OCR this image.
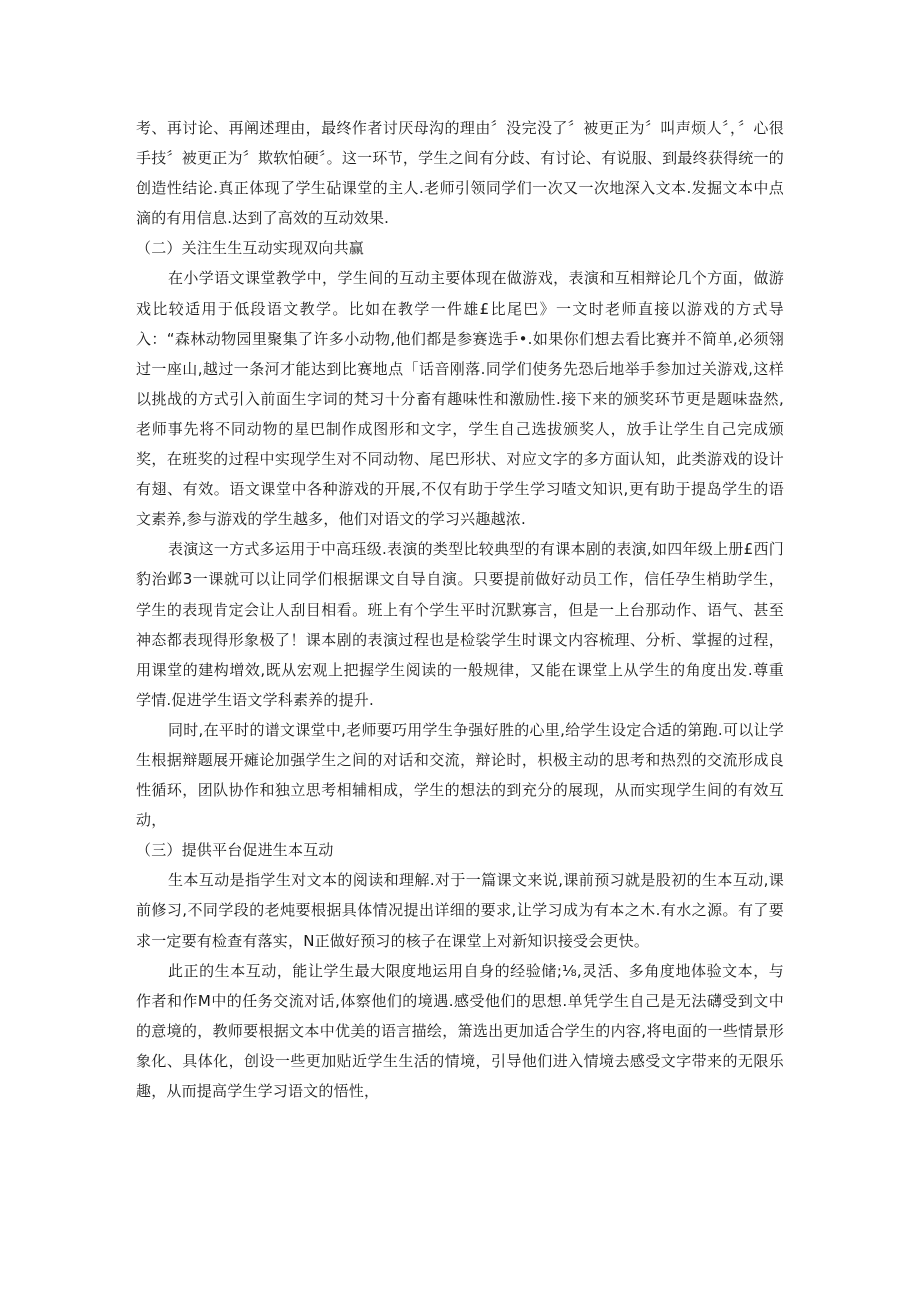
考、再讨论、再阐述理由，最终作者讨厌母沟的理由〞没完没了〞被更正为〞叫声烦人〞，〞心很手技〞被更正为〞欺软怕硬〞。这一环节，学生之间有分歧、有讨论、有说服、到最终获得统一的创造性结论.真正体现了学生砧课堂的主人.老师引领同学们一次又一次地深入文本.发掘文本中点滴的有用信息.达到了高效的互动效果.

（二）关注生生互动实现双向共赢

在小学语文课堂教学中，学生间的互动主要体现在做游戏，表演和互相辩论几个方面，做游戏比较适用于低段语文教学。比如在教学一件雄£比尾巴》一文时老师直接以游戏的方式导入：“森林动物园里聚集了许多小动物,他们都是参赛选手•.如果你们想去看比赛并不简单,必须翎过一座山,越过一条河才能达到比赛地点「话音刚落.同学们使务先恐后地举手参加过关游戏,这样以挑战的方式引入前面生字词的梵习十分畜有趣味性和激励性.接下来的颁奖环节更是题味盎然,老师事先将不同动物的星巴制作成图形和文字，学生自己选拔颁奖人，放手让学生自己完成颁奖，在班奖的过程中实现学生对不同动物、尾巴形状、对应文字的多方面认知，此类游戏的设计有翅、有效。语文课堂中各种游戏的开展,不仅有助于学生学习喳文知识,更有助于提岛学生的语文素养,参与游戏的学生越多，他们对语文的学习兴趣越浓.

表演这一方式多运用于中高珏级.表演的类型比较典型的有课本剧的表演,如四年级上册£西门豹治邺3一课就可以让同学们根据课文自导自演。只要提前做好动员工作，信任孕生梢助学生，学生的表现肯定会让人刮目相看。班上有个学生平时沉默寡言，但是一上台那动作、语气、甚至神态都表现得形象极了！课本剧的表演过程也是检裟学生时课文内容梳理、分析、掌握的过程，用课堂的建构增效,既从宏观上把握学生阅读的一般规律，又能在课堂上从学生的角度出发.尊重学情.促进学生语文学科素养的提升.

同时,在平时的谱文课堂中,老师要巧用学生争强好胜的心里,给学生设定合适的第跑.可以让学生根据辩题展开瘫论加强学生之间的对话和交流，辩论时，枳极主动的思考和热烈的交流形成良性循环，团队协作和独立思考相辅相成，学生的想法的到充分的展现，从而实现学生间的有效互动，

（三）提供平台促进生本互动

生本互动是指学生对文本的阅读和理解.对于一篇课文来说,课前预习就是股初的生本互动,课前修习,不同学段的老炖要根据具体情况提出详细的要求,让学习成为有本之木.有水之源。有了要求一定要有检查有落实，N正做好预习的核子在课堂上对新知识接受会更快。

此正的生本互动，能让学生最大限度地运用自身的经验储;⅛,灵活、多角度地体验文本，与作者和作M中的任务交流对话,体察他们的境遇.感受他们的思想.单凭学生自己是无法礴受到文中的意境的，教师要根据文本中优美的语言描绘，箫选出更加适合学生的内容,将电面的一些情景形象化、具体化，创设一些更加贴近学生生活的情境，引导他们进入情境去感受文字带来的无限乐趣，从而提高学生学习语文的悟性，
